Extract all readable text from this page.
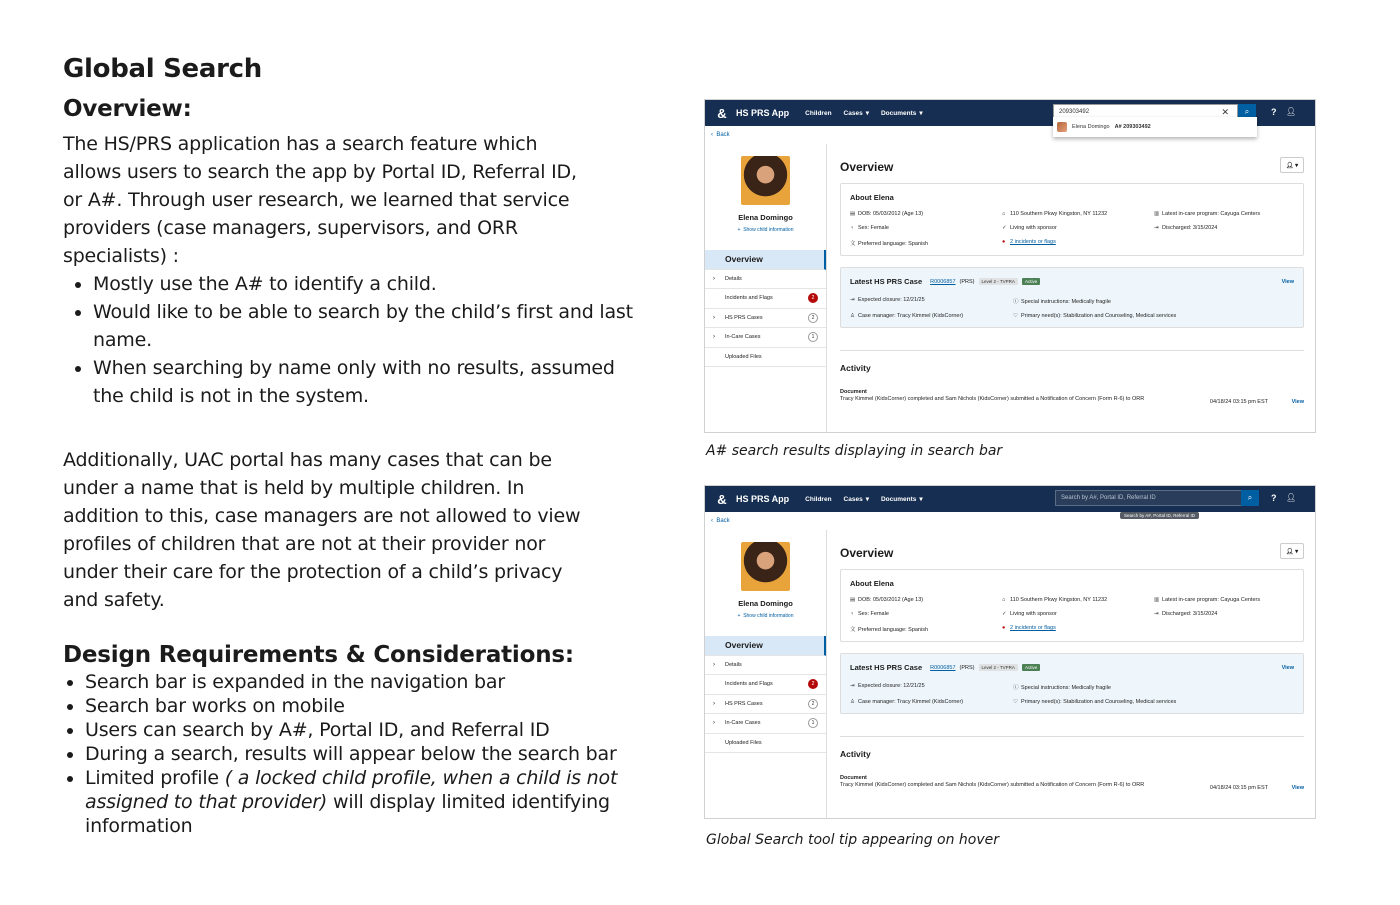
Global Search
Overview:
The HS/PRS application has a search feature which allows users to search the app by Portal ID, Referral ID, or A#. Through user research, we learned that service providers (case managers, supervisors, and ORR specialists) :
• Mostly use the A# to identify a child.
• Would like to be able to search by the child’s first and last name.
• When searching by name only with no results, assumed the child is not in the system.
Additionally, UAC portal has many cases that can be under a name that is held by multiple children. In addition to this, case managers are not allowed to view profiles of children that are not at their provider nor under their care for the protection of a child’s privacy and safety.
Design Requirements & Considerations:
• Search bar is expanded in the navigation bar
• Search bar works on mobile
• Users can search by A#, Portal ID, and Referral ID
• During a search, results will appear below the search bar
• Limited profile ( a locked child profile, when a child is not assigned to that provider) will display limited identifying information
&	HS PRS App Children Cases ▾ Documents ▾	209303492	✕ ⌕ ? 👤︎
Elena Domingo A# 209303492
‹  Back
Elena Domingo
+  Show child information
Overview
› Details
Incidents and Flags	2
› HS PRS Cases	2
› In-Care Cases	1
Uploaded Files
Overview	👤︎ ▾
About Elena
▤ DOB: 05/03/2012 (Age 13)	⌂ 110 Southern Pkwy Kingston, NY 11232	▥ Latest in-care program: Cayuga Centers
♀ Sex: Female	✓ Living with sponsor	⇥ Discharged: 3/15/2024
文 Preferred language: Spanish	● 2 incidents or flags
Latest HS PRS Case R0006857 (PRS)	Level 2 - TVPRA	Active	View
⇥ Expected closure: 12/21/25	ⓘ Special instructions: Medically fragile
♙ Case manager: Tracy Kimmel (KidsCorner)	♡ Primary need(s): Stabilization and Counseling, Medical services
Activity
Document
Tracy Kimmel (KidsCorner) completed and Sam Nichols (KidsCorner) submitted a Notification of Concern (Form R-6) to ORR	04/18/24 03:15 pm EST	View
A# search results displaying in search bar
&	HS PRS App Children Cases ▾ Documents ▾	Search by A#, Portal ID, Referral ID	⌕ ? 👤︎
Search by A#, Portal ID, Referral ID
‹  Back
Elena Domingo
+  Show child information
Overview
› Details
Incidents and Flags	2
› HS PRS Cases	2
› In-Care Cases	1
Uploaded Files
Overview	👤︎ ▾
About Elena
▤ DOB: 05/03/2012 (Age 13)	⌂ 110 Southern Pkwy Kingston, NY 11232	▥ Latest in-care program: Cayuga Centers
♀ Sex: Female	✓ Living with sponsor	⇥ Discharged: 3/15/2024
文 Preferred language: Spanish	● 2 incidents or flags
Latest HS PRS Case R0006857 (PRS)	Level 2 - TVPRA	Active	View
⇥ Expected closure: 12/21/25	ⓘ Special instructions: Medically fragile
♙ Case manager: Tracy Kimmel (KidsCorner)	♡ Primary need(s): Stabilization and Counseling, Medical services
Activity
Document
Tracy Kimmel (KidsCorner) completed and Sam Nichols (KidsCorner) submitted a Notification of Concern (Form R-6) to ORR	04/18/24 03:15 pm EST	View
Global Search tool tip appearing on hover
